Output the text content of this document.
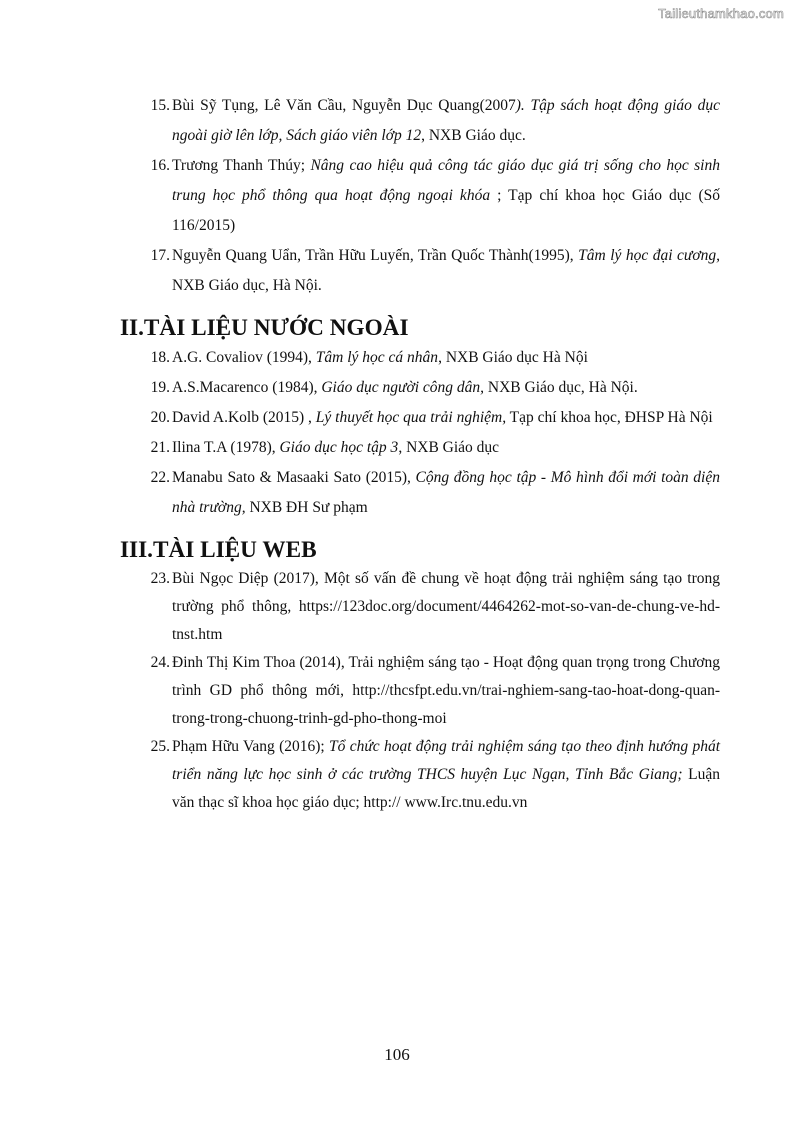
Tailieuthamkhao.com

15. Bùi Sỹ Tụng, Lê Văn Cầu, Nguyễn Dục Quang(2007). Tập sách hoạt động giáo dục ngoài giờ lên lớp, Sách giáo viên lớp 12, NXB Giáo dục.

16. Trương Thanh Thúy; Nâng cao hiệu quả công tác giáo dục giá trị sống cho học sinh trung học phổ thông qua hoạt động ngoại khóa ; Tạp chí khoa học Giáo dục (Số 116/2015)

17. Nguyễn Quang Uẩn, Trần Hữu Luyến, Trần Quốc Thành(1995), Tâm lý học đại cương, NXB Giáo dục, Hà Nội.

II.TÀI LIỆU NƯỚC NGOÀI

18. A.G. Covaliov (1994), Tâm lý học cá nhân, NXB Giáo dục Hà Nội

19. A.S.Macarenco (1984), Giáo dục người công dân, NXB Giáo dục, Hà Nội.

20. David A.Kolb (2015) , Lý thuyết học qua trải nghiệm, Tạp chí khoa học, ĐHSP Hà Nội

21. Ilina T.A (1978), Giáo dục học tập 3, NXB Giáo dục

22. Manabu Sato & Masaaki Sato (2015), Cộng đồng học tập - Mô hình đổi mới toàn diện nhà trường, NXB ĐH Sư phạm

III.TÀI LIỆU WEB

23. Bùi Ngọc Diệp (2017), Một số vấn đề chung về hoạt động trải nghiệm sáng tạo trong trường phổ thông, https://123doc.org/document/4464262-mot-so-van-de-chung-ve-hd-tnst.htm

24. Đinh Thị Kim Thoa (2014), Trải nghiệm sáng tạo - Hoạt động quan trọng trong Chương trình GD phổ thông mới, http://thcsfpt.edu.vn/trai-nghiem-sang-tao-hoat-dong-quan-trong-trong-chuong-trinh-gd-pho-thong-moi

25. Phạm Hữu Vang (2016); Tổ chức hoạt động trải nghiệm sáng tạo theo định hướng phát triển năng lực học sinh ở các trường THCS huyện Lục Ngạn, Tỉnh Bắc Giang; Luận văn thạc sĩ khoa học giáo dục; http:// www.Irc.tnu.edu.vn

106
